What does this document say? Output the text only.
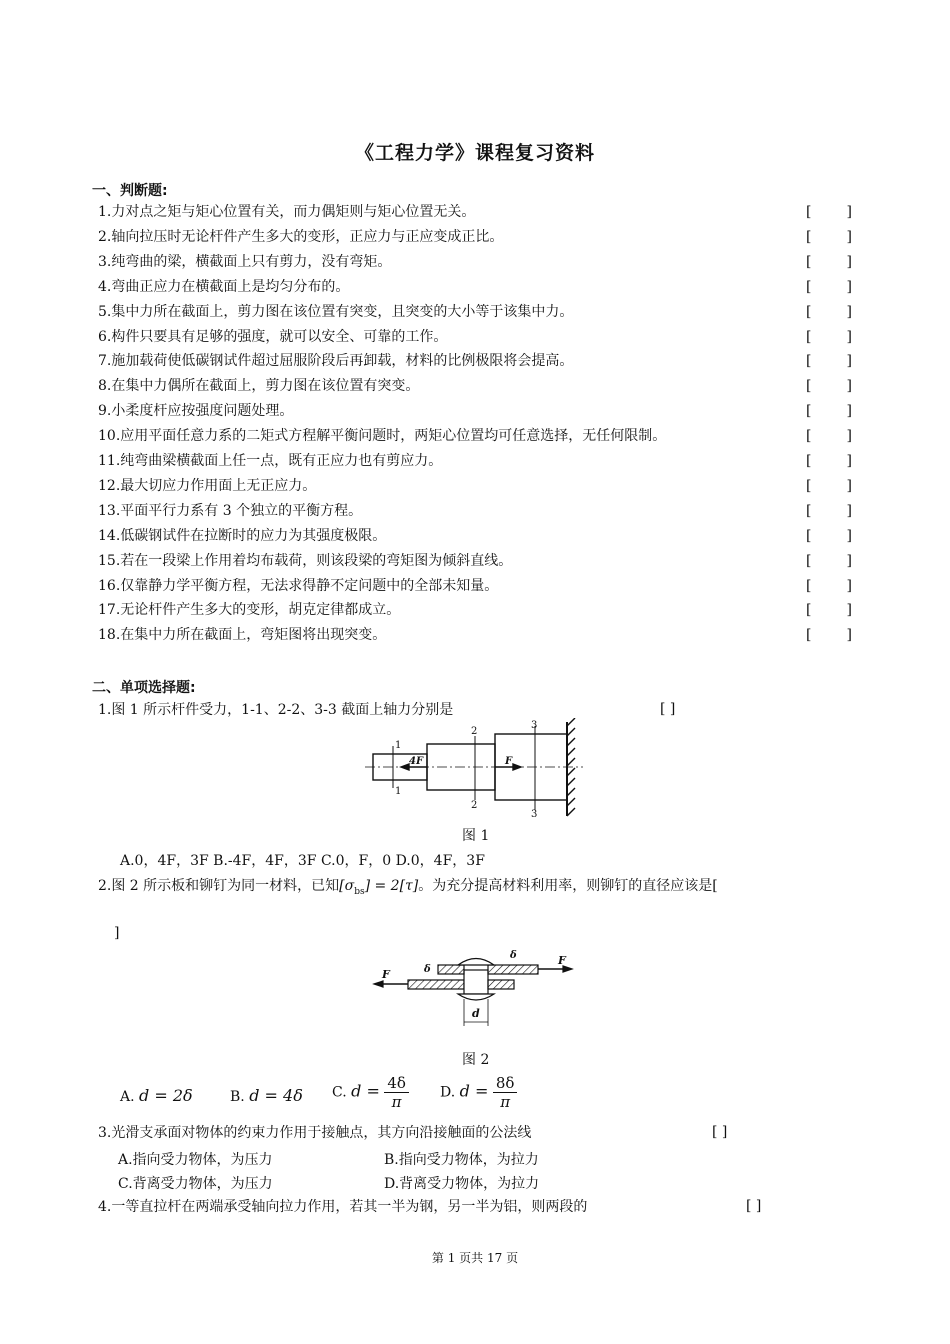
《工程力学》课程复习资料
一、判断题:
1.力对点之矩与矩心位置有关，而力偶矩则与矩心位置无关。	[	]
2.轴向拉压时无论杆件产生多大的变形，正应力与正应变成正比。	[	]
3.纯弯曲的梁，横截面上只有剪力，没有弯矩。	[	]
4.弯曲正应力在横截面上是均匀分布的。	[	]
5.集中力所在截面上，剪力图在该位置有突变，且突变的大小等于该集中力。	[	]
6.构件只要具有足够的强度，就可以安全、可靠的工作。	[	]
7.施加载荷使低碳钢试件超过屈服阶段后再卸载，材料的比例极限将会提高。	[	]
8.在集中力偶所在截面上，剪力图在该位置有突变。	[	]
9.小柔度杆应按强度问题处理。	[	]
10.应用平面任意力系的二矩式方程解平衡问题时，两矩心位置均可任意选择，无任何限制。	[	]
11.纯弯曲梁横截面上任一点，既有正应力也有剪应力。	[	]
12.最大切应力作用面上无正应力。	[	]
13.平面平行力系有 3 个独立的平衡方程。	[	]
14.低碳钢试件在拉断时的应力为其强度极限。	[	]
15.若在一段梁上作用着均布载荷，则该段梁的弯矩图为倾斜直线。	[	]
16.仅靠静力学平衡方程，无法求得静不定问题中的全部未知量。	[	]
17.无论杆件产生多大的变形，胡克定律都成立。	[	]
18.在集中力所在截面上，弯矩图将出现突变。	[	]
二、单项选择题:
1.图 1 所示杆件受力，1-1、2-2、3-3 截面上轴力分别是	[ ]
1
1
2
2
3
3
4F	F
图 1
A.0，4F，3F B.-4F，4F，3F C.0，F，0 D.0，4F，3F
2.图 2 所示板和铆钉为同一材料，已知$[\sigma_{bs}] = 2[\tau]$。为充分提高材料利用率，则铆钉的直径应该是[
]
F
F
d
δ
δ
图 2
A. d = 2δ	B. d = 4δ C. $d = \frac{4\delta}{\pi} D$. $d = \frac{8\delta}{\pi}$
3.光滑支承面对物体的约束力作用于接触点，其方向沿接触面的公法线	[ ]
A.指向受力物体，为压力	B.指向受力物体，为拉力
C.背离受力物体，为压力	D.背离受力物体，为拉力
4.一等直拉杆在两端承受轴向拉力作用，若其一半为钢，另一半为铝，则两段的	[ ]
第 1 页共 17 页
